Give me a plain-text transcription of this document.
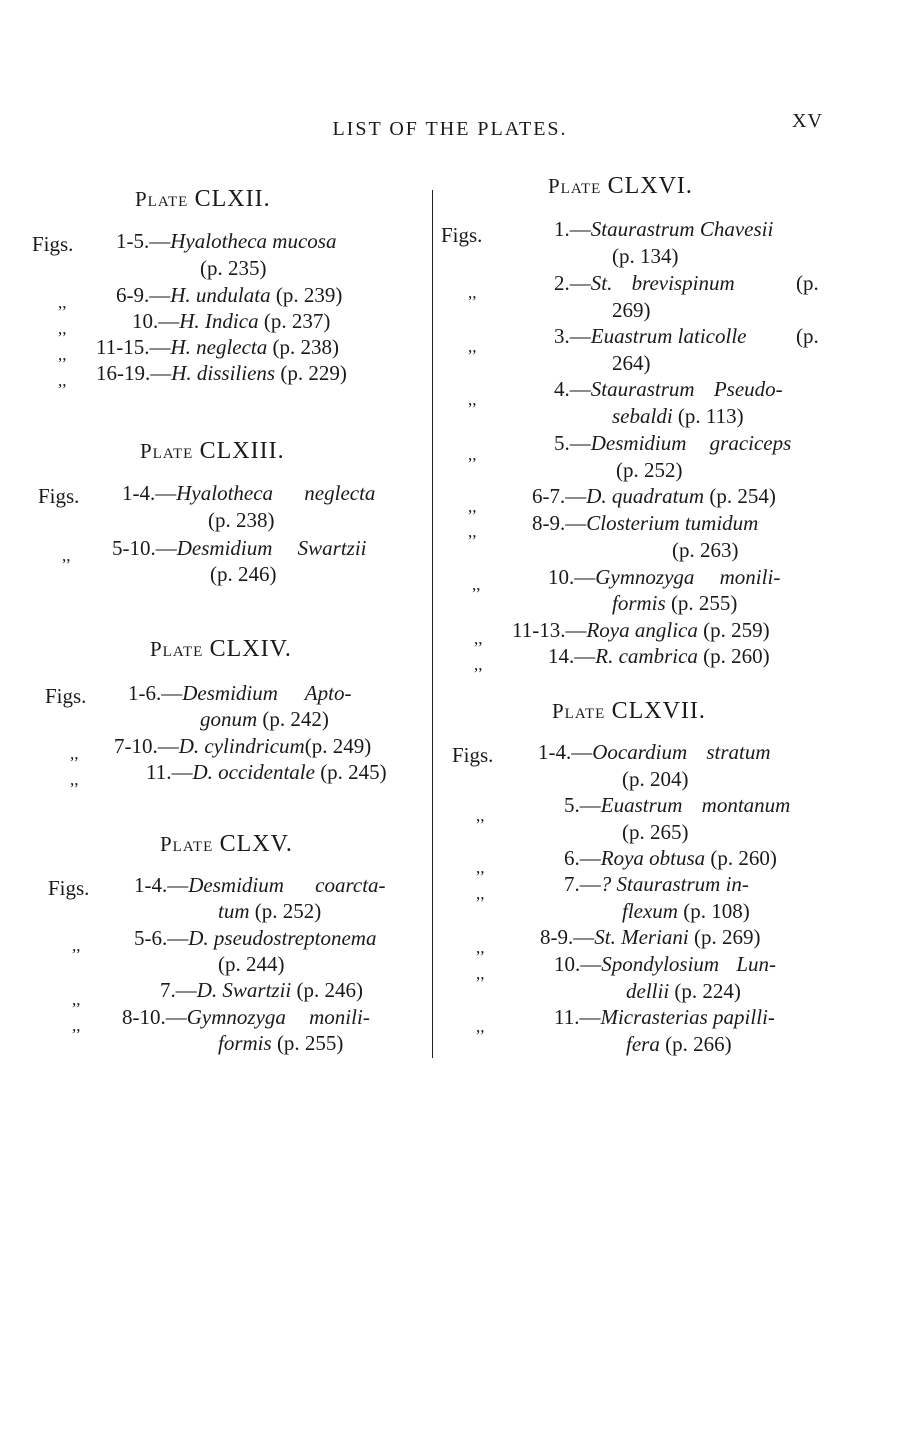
LIST OF THE PLATES.	XV
Plate CLXII.
Figs. 1-5.—Hyalotheca mucosa
(p. 235)
,, 6-9.—H. undulata (p. 239)
,,	10.—H. Indica (p. 237)
,, 11-15.—H. neglecta (p. 238)
,, 16-19.—H. dissiliens (p. 229)
Plate CLXIII.
Figs. 1-4.—Hyalotheca neglecta
(p. 238)
,, 5-10.—Desmidium Swartzii
(p. 246)
Plate CLXIV.
Figs. 1-6.—Desmidium Apto-
gonum (p. 242)
,, 7-10.—D. cylindricum(p. 249)
,,	11.—D. occidentale (p. 245)
Plate CLXV.
Figs. 1-4.—Desmidium coarcta-
tum (p. 252)
,,	5-6.—D. pseudostreptonema
(p. 244)
,,	7.—D. Swartzii (p. 246)
,, 8-10.—Gymnozyga monili-
formis (p. 255)
Plate CLXVI.
Figs.	1.—Staurastrum Chavesii
(p. 134)
,,	2.—St. brevispinum	(p.
269)
,,	3.—Euastrum laticolle (p.
264)
,,	4.—Staurastrum Pseudo-
sebaldi (p. 113)
,,	5.—Desmidium graciceps
(p. 252)
,,	6-7.—D. quadratum (p. 254)
,,	8-9.—Closterium tumidum
(p. 263)
,,	10.—Gymnozyga monili-
formis (p. 255)
,, 11-13.—Roya anglica (p. 259)
,,	14.—R. cambrica (p. 260)
Plate CLXVII.
Figs. 1-4.—Oocardium stratum
(p. 204)
,,	5.—Euastrum montanum
(p. 265)
,,	6.—Roya obtusa (p. 260)
,,	7.—? Staurastrum in-
flexum (p. 108)
,,	8-9.—St. Meriani (p. 269)
,,	10.—Spondylosium Lun-
dellii (p. 224)
,,	11.—Micrasterias papilli-
fera (p. 266)
